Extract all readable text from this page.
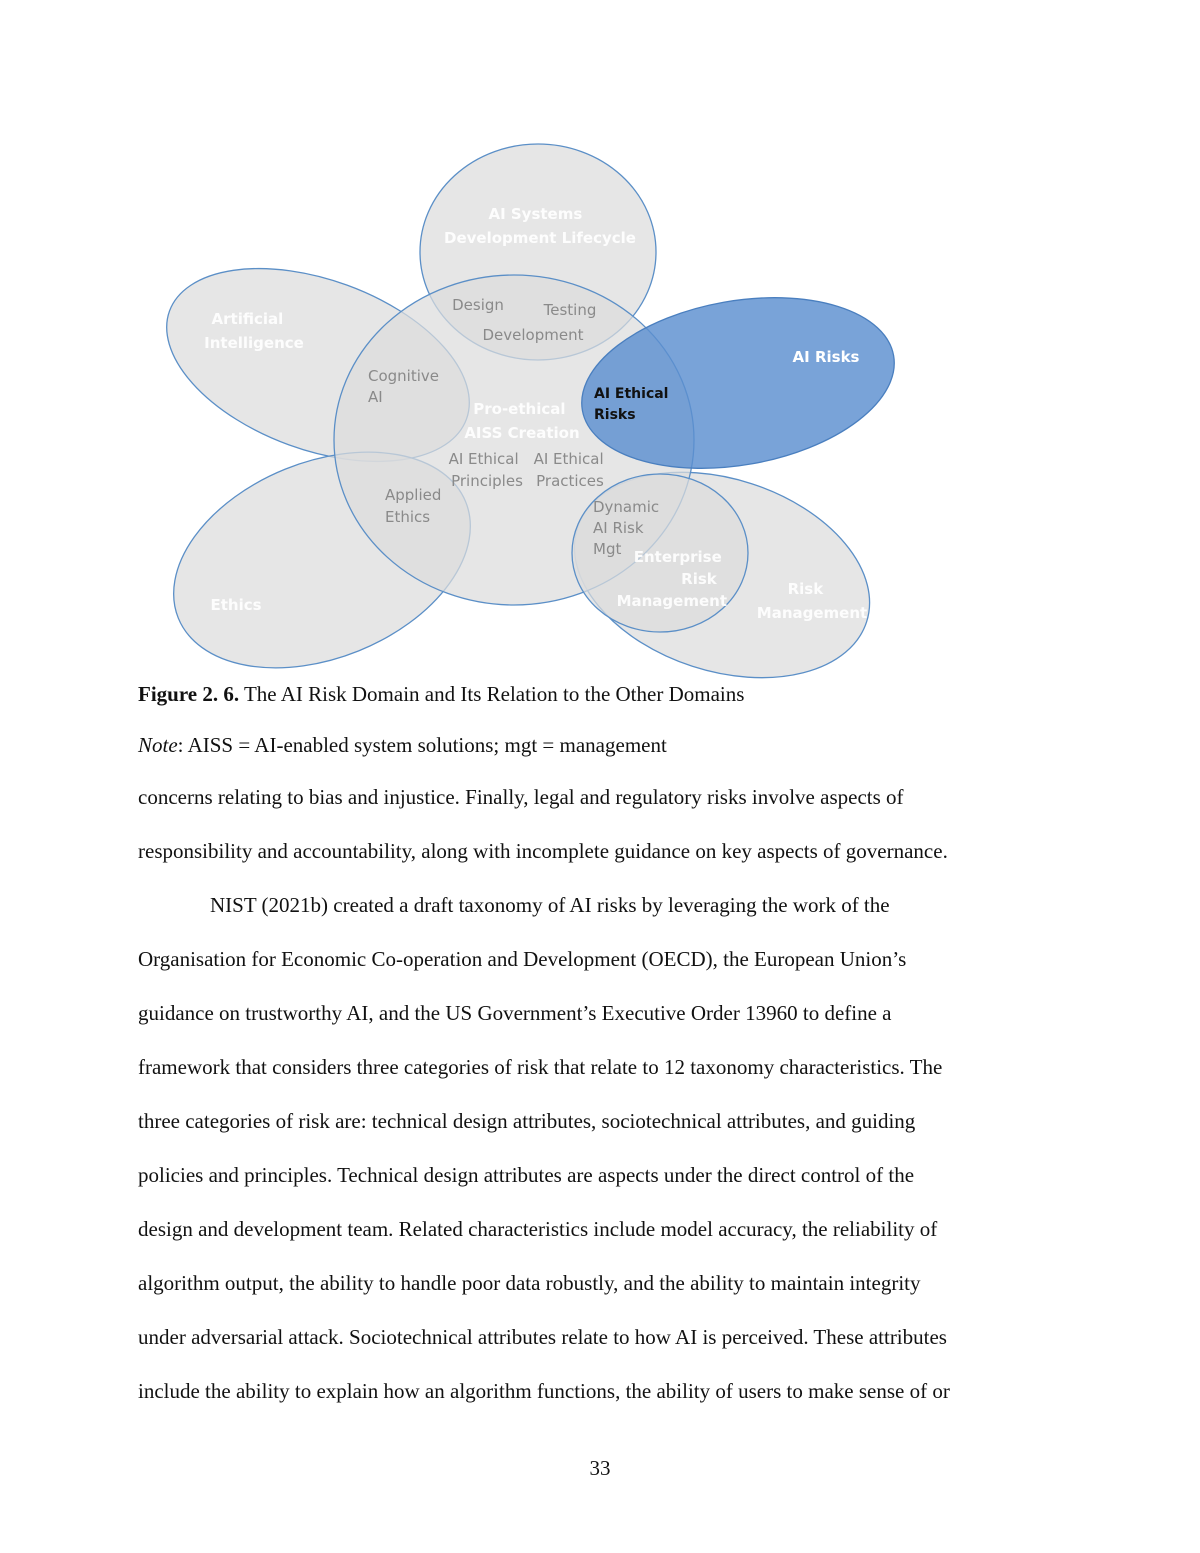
AI Systems Development Lifecycle
Artificial Intelligence
Ethics
AI Risks
Risk Management
Enterprise Risk Management
Pro-ethical AISS Creation
Design	Testing
Development
Cognitive AI
Applied Ethics
AI Ethical Principles
AI Ethical Practices
AI Ethical Risks
Dynamic AI Risk Mgt
Figure 2. 6. The AI Risk Domain and Its Relation to the Other Domains
Note: AISS = AI-enabled system solutions; mgt = management
concerns relating to bias and injustice. Finally, legal and regulatory risks involve aspects of
responsibility and accountability, along with incomplete guidance on key aspects of governance.
NIST (2021b) created a draft taxonomy of AI risks by leveraging the work of the
Organisation for Economic Co-operation and Development (OECD), the European Union’s
guidance on trustworthy AI, and the US Government’s Executive Order 13960 to define a
framework that considers three categories of risk that relate to 12 taxonomy characteristics. The
three categories of risk are: technical design attributes, sociotechnical attributes, and guiding
policies and principles. Technical design attributes are aspects under the direct control of the
design and development team. Related characteristics include model accuracy, the reliability of
algorithm output, the ability to handle poor data robustly, and the ability to maintain integrity
under adversarial attack. Sociotechnical attributes relate to how AI is perceived. These attributes
include the ability to explain how an algorithm functions, the ability of users to make sense of or
33
